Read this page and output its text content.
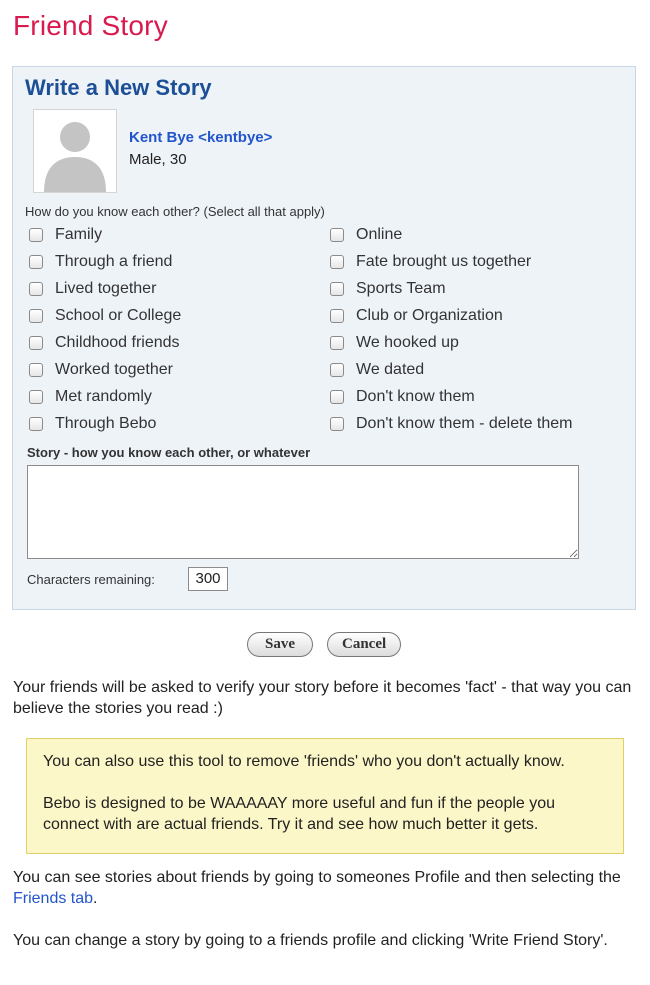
Friend Story
Write a New Story
Kent Bye <kentbye>
Male, 30
How do you know each other? (Select all that apply)
Family
Through a friend
Lived together
School or College
Childhood friends
Worked together
Met randomly
Through Bebo
Online
Fate brought us together
Sports Team
Club or Organization
We hooked up
We dated
Don't know them
Don't know them - delete them
Story - how you know each other, or whatever
Characters remaining:	300
Save	Cancel

Your friends will be asked to verify your story before it becomes 'fact' - that way you can believe the stories you read :)

You can also use this tool to remove 'friends' who you don't actually know.

Bebo is designed to be WAAAAAY more useful and fun if the people you connect with are actual friends. Try it and see how much better it gets.

You can see stories about friends by going to someones Profile and then selecting the Friends tab.

You can change a story by going to a friends profile and clicking 'Write Friend Story'.
